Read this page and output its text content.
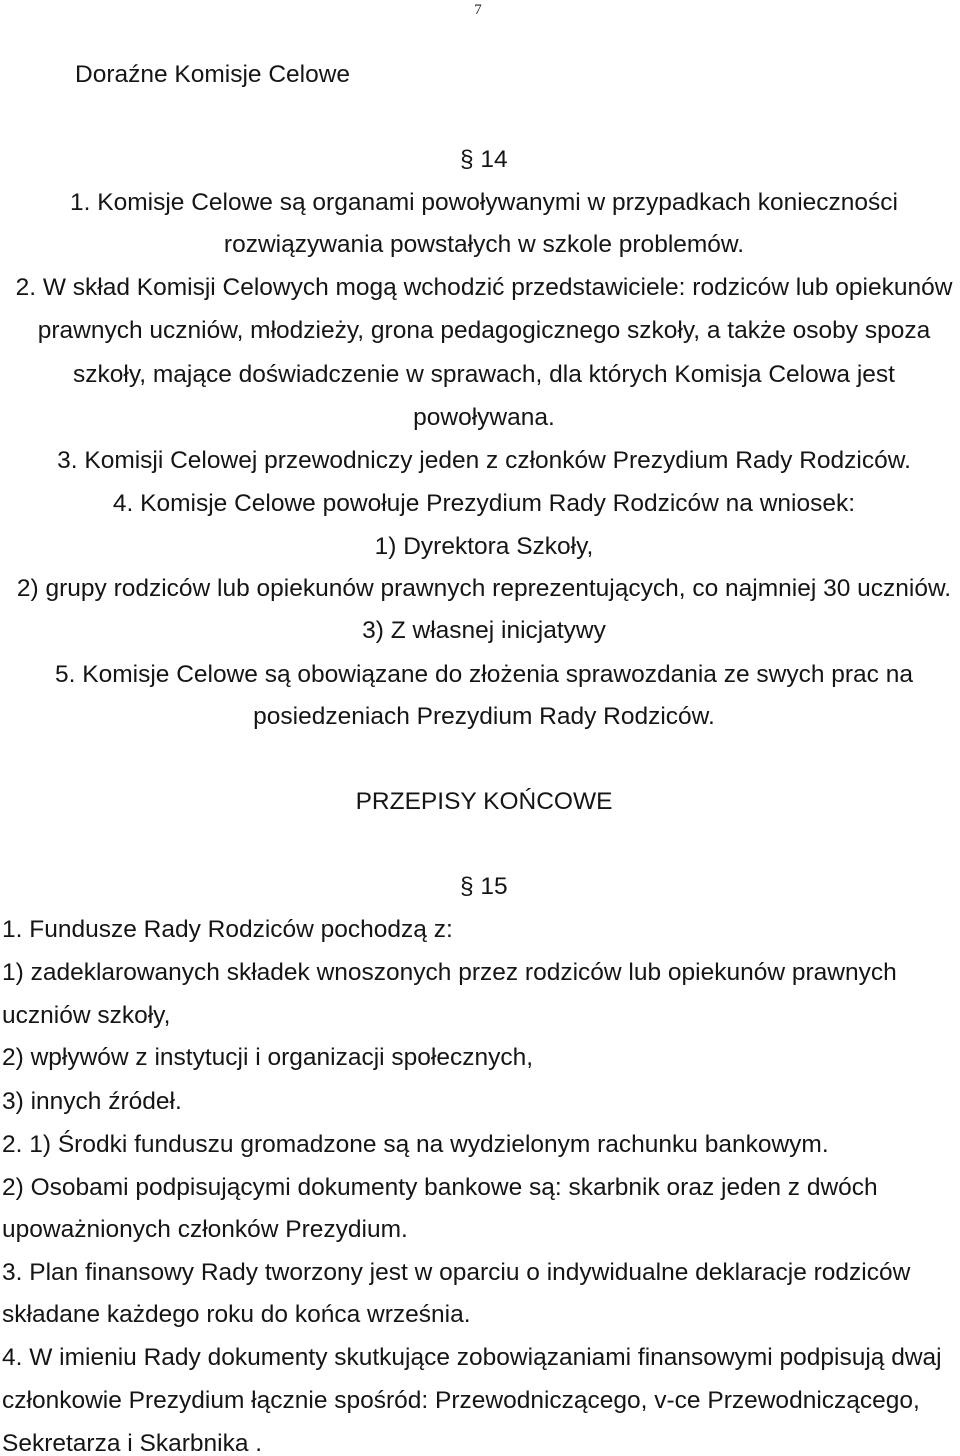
7
Doraźne Komisje Celowe
§ 14
1. Komisje Celowe są organami powoływanymi w przypadkach konieczności
rozwiązywania powstałych w szkole problemów.
2. W skład Komisji Celowych mogą wchodzić przedstawiciele: rodziców lub opiekunów
prawnych uczniów, młodzieży, grona pedagogicznego szkoły, a także osoby spoza
szkoły, mające doświadczenie w sprawach, dla których Komisja Celowa jest
powoływana.
3. Komisji Celowej przewodniczy jeden z członków Prezydium Rady Rodziców.
4. Komisje Celowe powołuje Prezydium Rady Rodziców na wniosek:
1) Dyrektora Szkoły,
2) grupy rodziców lub opiekunów prawnych reprezentujących, co najmniej 30 uczniów.
3) Z własnej inicjatywy
5. Komisje Celowe są obowiązane do złożenia sprawozdania ze swych prac na
posiedzeniach Prezydium Rady Rodziców.
PRZEPISY KOŃCOWE
§ 15
1. Fundusze Rady Rodziców pochodzą z:
1) zadeklarowanych składek wnoszonych przez rodziców lub opiekunów prawnych
uczniów szkoły,
2) wpływów z instytucji i organizacji społecznych,
3) innych źródeł.
2. 1) Środki funduszu gromadzone są na wydzielonym rachunku bankowym.
2) Osobami podpisującymi dokumenty bankowe są: skarbnik oraz jeden z dwóch
upoważnionych członków Prezydium.
3. Plan finansowy Rady tworzony jest w oparciu o indywidualne deklaracje rodziców
składane każdego roku do końca września.
4. W imieniu Rady dokumenty skutkujące zobowiązaniami finansowymi podpisują dwaj
członkowie Prezydium łącznie spośród: Przewodniczącego, v-ce Przewodniczącego,
Sekretarza i Skarbnika .
